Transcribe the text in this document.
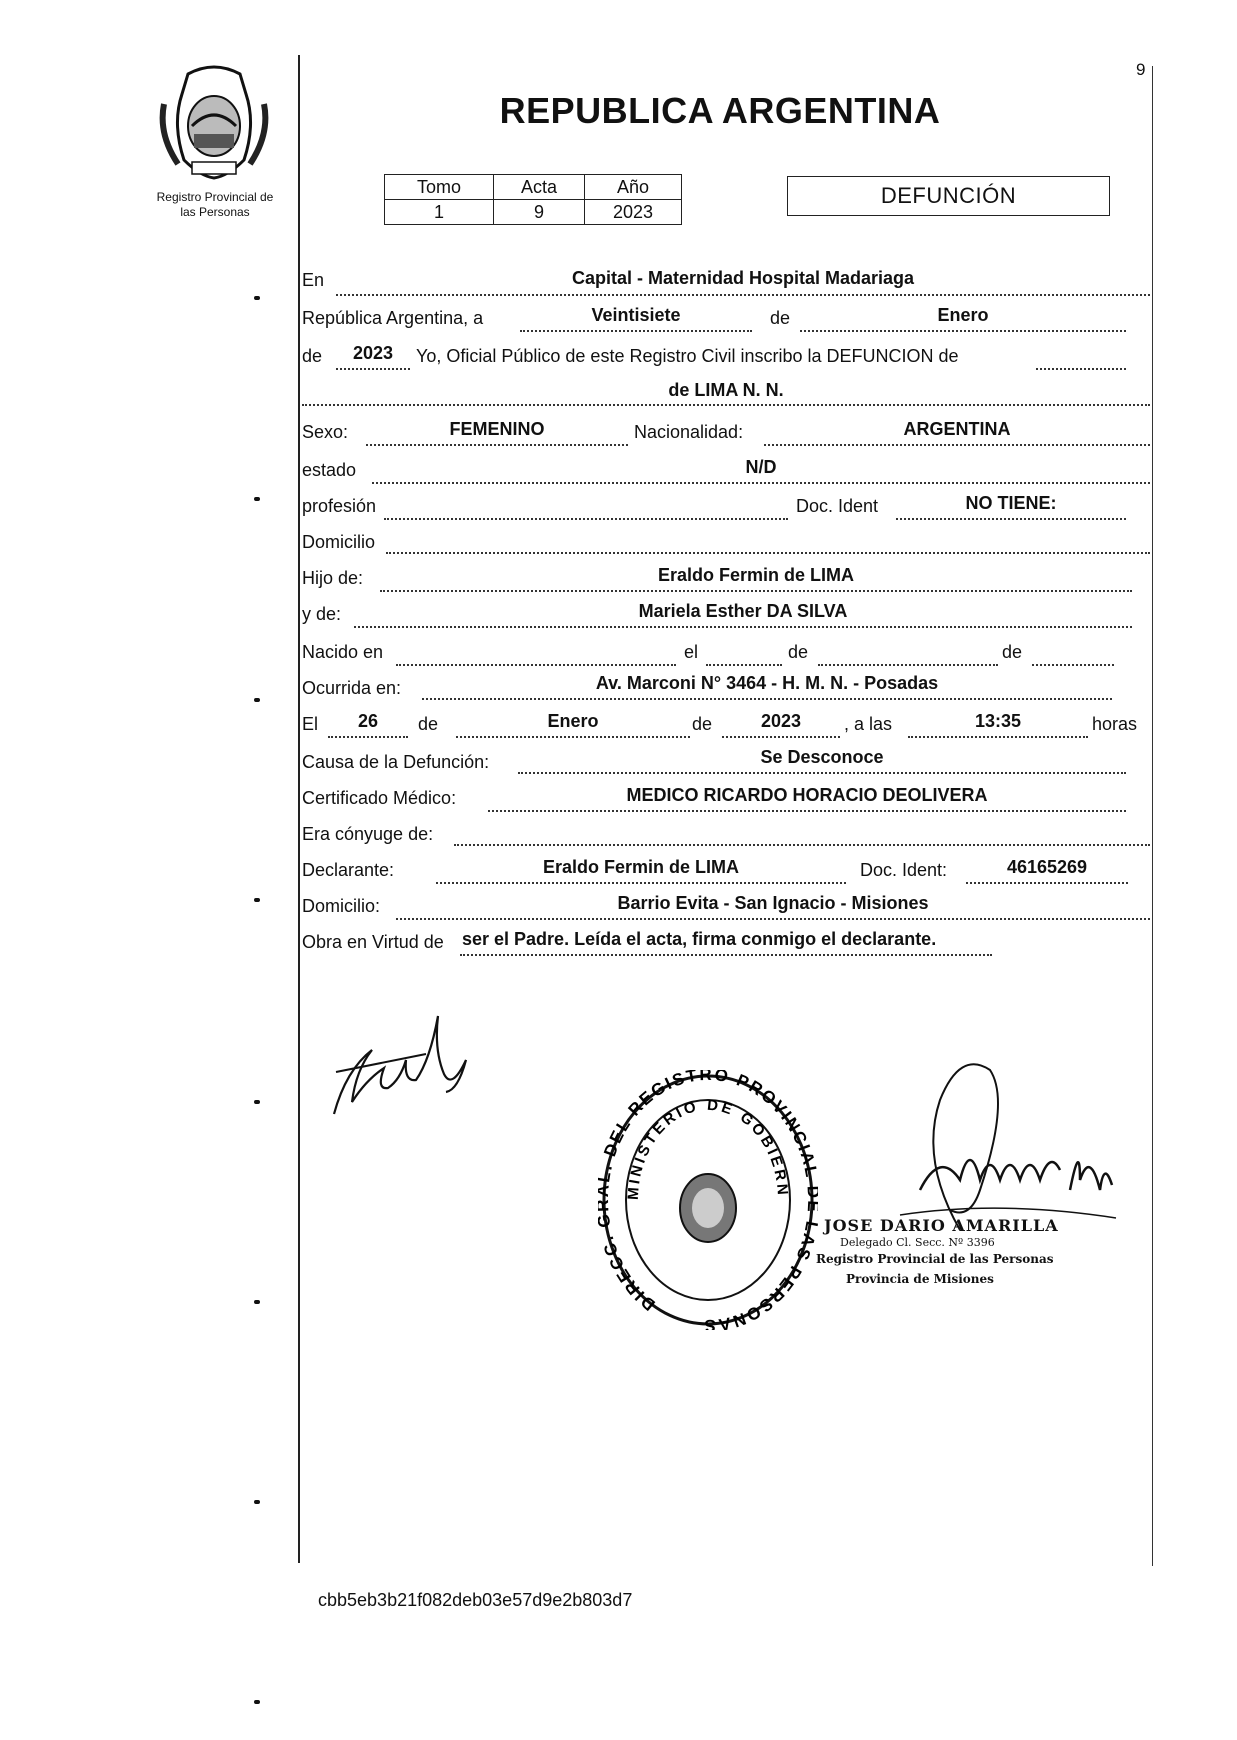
Registro Provincial de
las Personas
9
REPUBLICA ARGENTINA
Tomo	Acta	Año
1	9	2023
DEFUNCIÓN
En	Capital - Maternidad Hospital Madariaga
República Argentina, a	Veintisiete	de	Enero
de	2023	Yo, Oficial Público de este Registro Civil inscribo la DEFUNCION de
de LIMA N. N.
Sexo:	FEMENINO	Nacionalidad:	ARGENTINA
estado	N/D
profesión	Doc. Ident	NO TIENE:
Domicilio
Hijo de:	Eraldo Fermin de LIMA
y de:	Mariela Esther DA SILVA
Nacido en	el	de	de
Ocurrida en:	Av. Marconi N° 3464 - H. M. N. - Posadas
El	26	de	Enero	de	2023	, a las	13:35	horas
Causa de la Defunción:	Se Desconoce
Certificado Médico:	MEDICO RICARDO HORACIO DEOLIVERA
Era cónyuge de:
Declarante:	Eraldo Fermin de LIMA	Doc. Ident:	46165269
Domicilio:	Barrio Evita - San Ignacio - Misiones
Obra en Virtud de ser el Padre. Leída el acta, firma conmigo el declarante.
DIRECC. . DEL REGISTRO PROVINCIA AS PERSONAS
MINISTERIO DE GOBIERN
JOSE DARIO AMARILLA
Delegado Cl. Secc. Nº 3396
Registro Provincial de las Personas
Provincia de Misiones
cbb5eb3b21f082deb03e57d9e2b803d7
